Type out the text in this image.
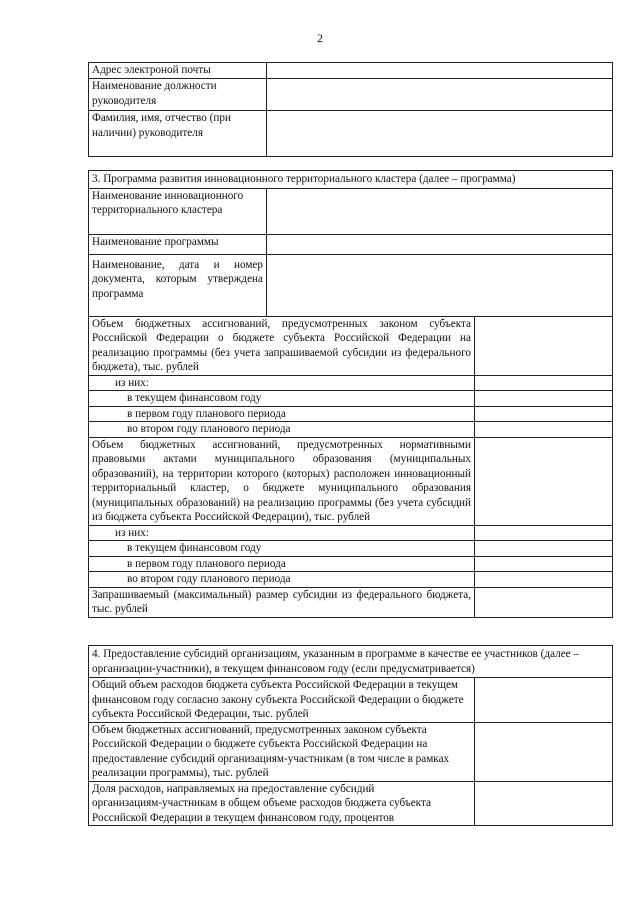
2
Адрес электроной почты	
Наименование должности руководителя	
Фамилия, имя, отчество (при наличии) руководителя	
3. Программа развития инновационного территориального кластера (далее – программа)		
Наименование инновационного территориального кластера		
Наименование программы		
Наименование, дата и номер документа, которым утверждена программа		
Объем бюджетных ассигнований, предусмотренных законом субъекта Российской Федерации о бюджете субъекта Российской Федерации на реализацию программы (без учета запрашиваемой субсидии из федерального бюджета), тыс. рублей		
из них:		
в текущем финансовом году		
в первом году планового периода		
во втором году планового периода		
Объем бюджетных ассигнований, предусмотренных нормативными правовыми актами муниципального образования (муниципальных образований), на территории которого (которых) расположен инновационный территориальный кластер, о бюджете муниципального образования (муниципальных образований) на реализацию программы (без учета субсидий из бюджета субъекта Российской Федерации), тыс. рублей		
из них:		
в текущем финансовом году		
в первом году планового периода		
во втором году планового периода		
Запрашиваемый (максимальный) размер субсидии из федерального бюджета, тыс. рублей		
4. Предоставление субсидий организациям, указанным в программе в качестве ее участников (далее – организации-участники), в текущем финансовом году (если предусматривается)	
Общий объем расходов бюджета субъекта Российской Федерации в текущем финансовом году согласно закону субъекта Российской Федерации о бюджете субъекта Российской Федерации, тыс. рублей	
Объем бюджетных ассигнований, предусмотренных законом субъекта Российской Федерации о бюджете субъекта Российской Федерации на предоставление субсидий организациям-участникам (в том числе в рамках реализации программы), тыс. рублей	
Доля расходов, направляемых на предоставление субсидий организациям-участникам в общем объеме расходов бюджета субъекта Российской Федерации в текущем финансовом году, процентов	
